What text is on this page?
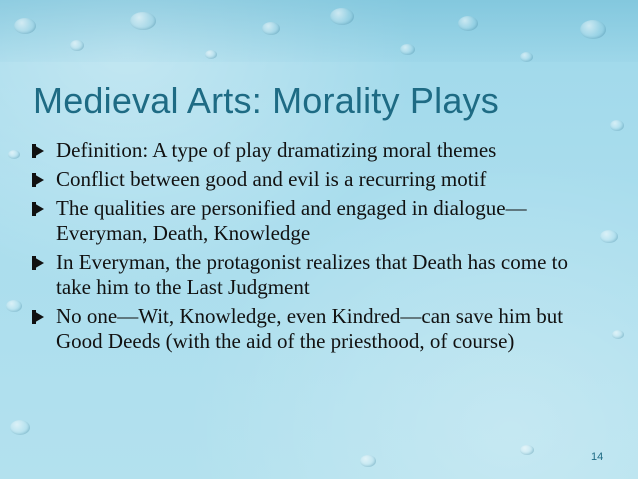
Medieval Arts: Morality Plays
Definition: A type of play dramatizing moral themes
Conflict between good and evil is a recurring motif
The qualities are personified and engaged in dialogue—Everyman, Death, Knowledge
In Everyman, the protagonist realizes that Death has come to take him to the Last Judgment
No one—Wit, Knowledge, even Kindred—can save him but Good Deeds (with the aid of the priesthood, of course)
14
